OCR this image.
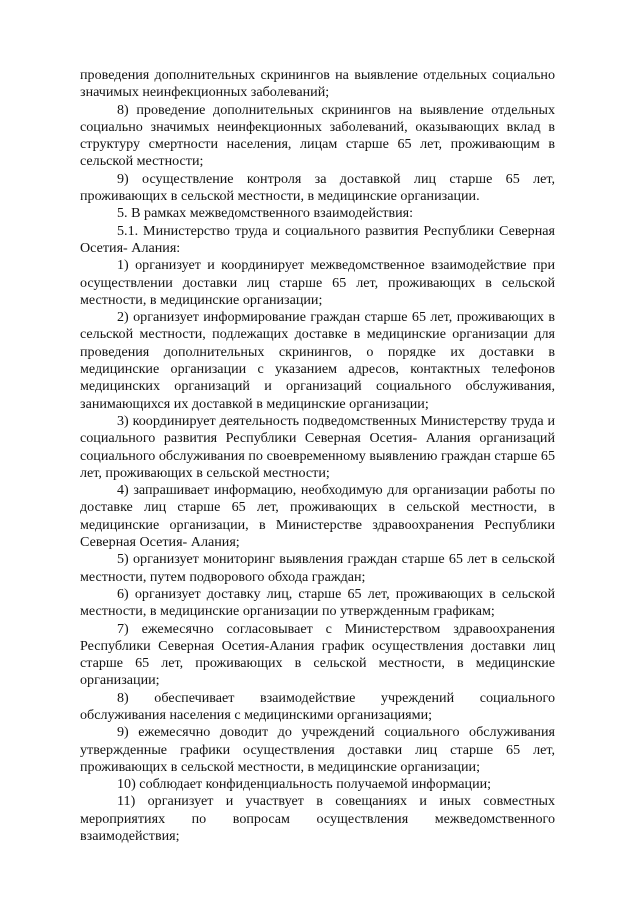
проведения дополнительных скринингов на выявление отдельных социально значимых неинфекционных заболеваний;

8) проведение дополнительных скринингов на выявление отдельных социально значимых неинфекционных заболеваний, оказывающих вклад в структуру смертности населения, лицам старше 65 лет, проживающим в сельской местности;

9) осуществление контроля за доставкой лиц старше 65 лет, проживающих в сельской местности, в медицинские организации.

5. В рамках межведомственного взаимодействия:

5.1. Министерство труда и социального развития Республики Северная Осетия- Алания:

1) организует и координирует межведомственное взаимодействие при осуществлении доставки лиц старше 65 лет, проживающих в сельской местности, в медицинские организации;

2) организует информирование граждан старше 65 лет, проживающих в сельской местности, подлежащих доставке в медицинские организации для проведения дополнительных скринингов, о порядке их доставки в медицинские организации с указанием адресов, контактных телефонов медицинских организаций и организаций социального обслуживания, занимающихся их доставкой в медицинские организации;

3) координирует деятельность подведомственных Министерству труда и социального развития Республики Северная Осетия- Алания организаций социального обслуживания по своевременному выявлению граждан старше 65 лет, проживающих в сельской местности;

4) запрашивает информацию, необходимую для организации работы по доставке лиц старше 65 лет, проживающих в сельской местности, в медицинские организации, в Министерстве здравоохранения Республики Северная Осетия- Алания;

5) организует мониторинг выявления граждан старше 65 лет в сельской местности, путем подворового обхода граждан;

6) организует доставку лиц, старше 65 лет, проживающих в сельской местности, в медицинские организации по утвержденным графикам;

7) ежемесячно согласовывает с Министерством здравоохранения Республики Северная Осетия-Алания график осуществления доставки лиц старше 65 лет, проживающих в сельской местности, в медицинские организации;

8) обеспечивает взаимодействие учреждений социального обслуживания населения с медицинскими организациями;

9) ежемесячно доводит до учреждений социального обслуживания утвержденные графики осуществления доставки лиц старше 65 лет, проживающих в сельской местности, в медицинские организации;

10) соблюдает конфиденциальность получаемой информации;

11) организует и участвует в совещаниях и иных совместных мероприятиях по вопросам осуществления межведомственного взаимодействия;
